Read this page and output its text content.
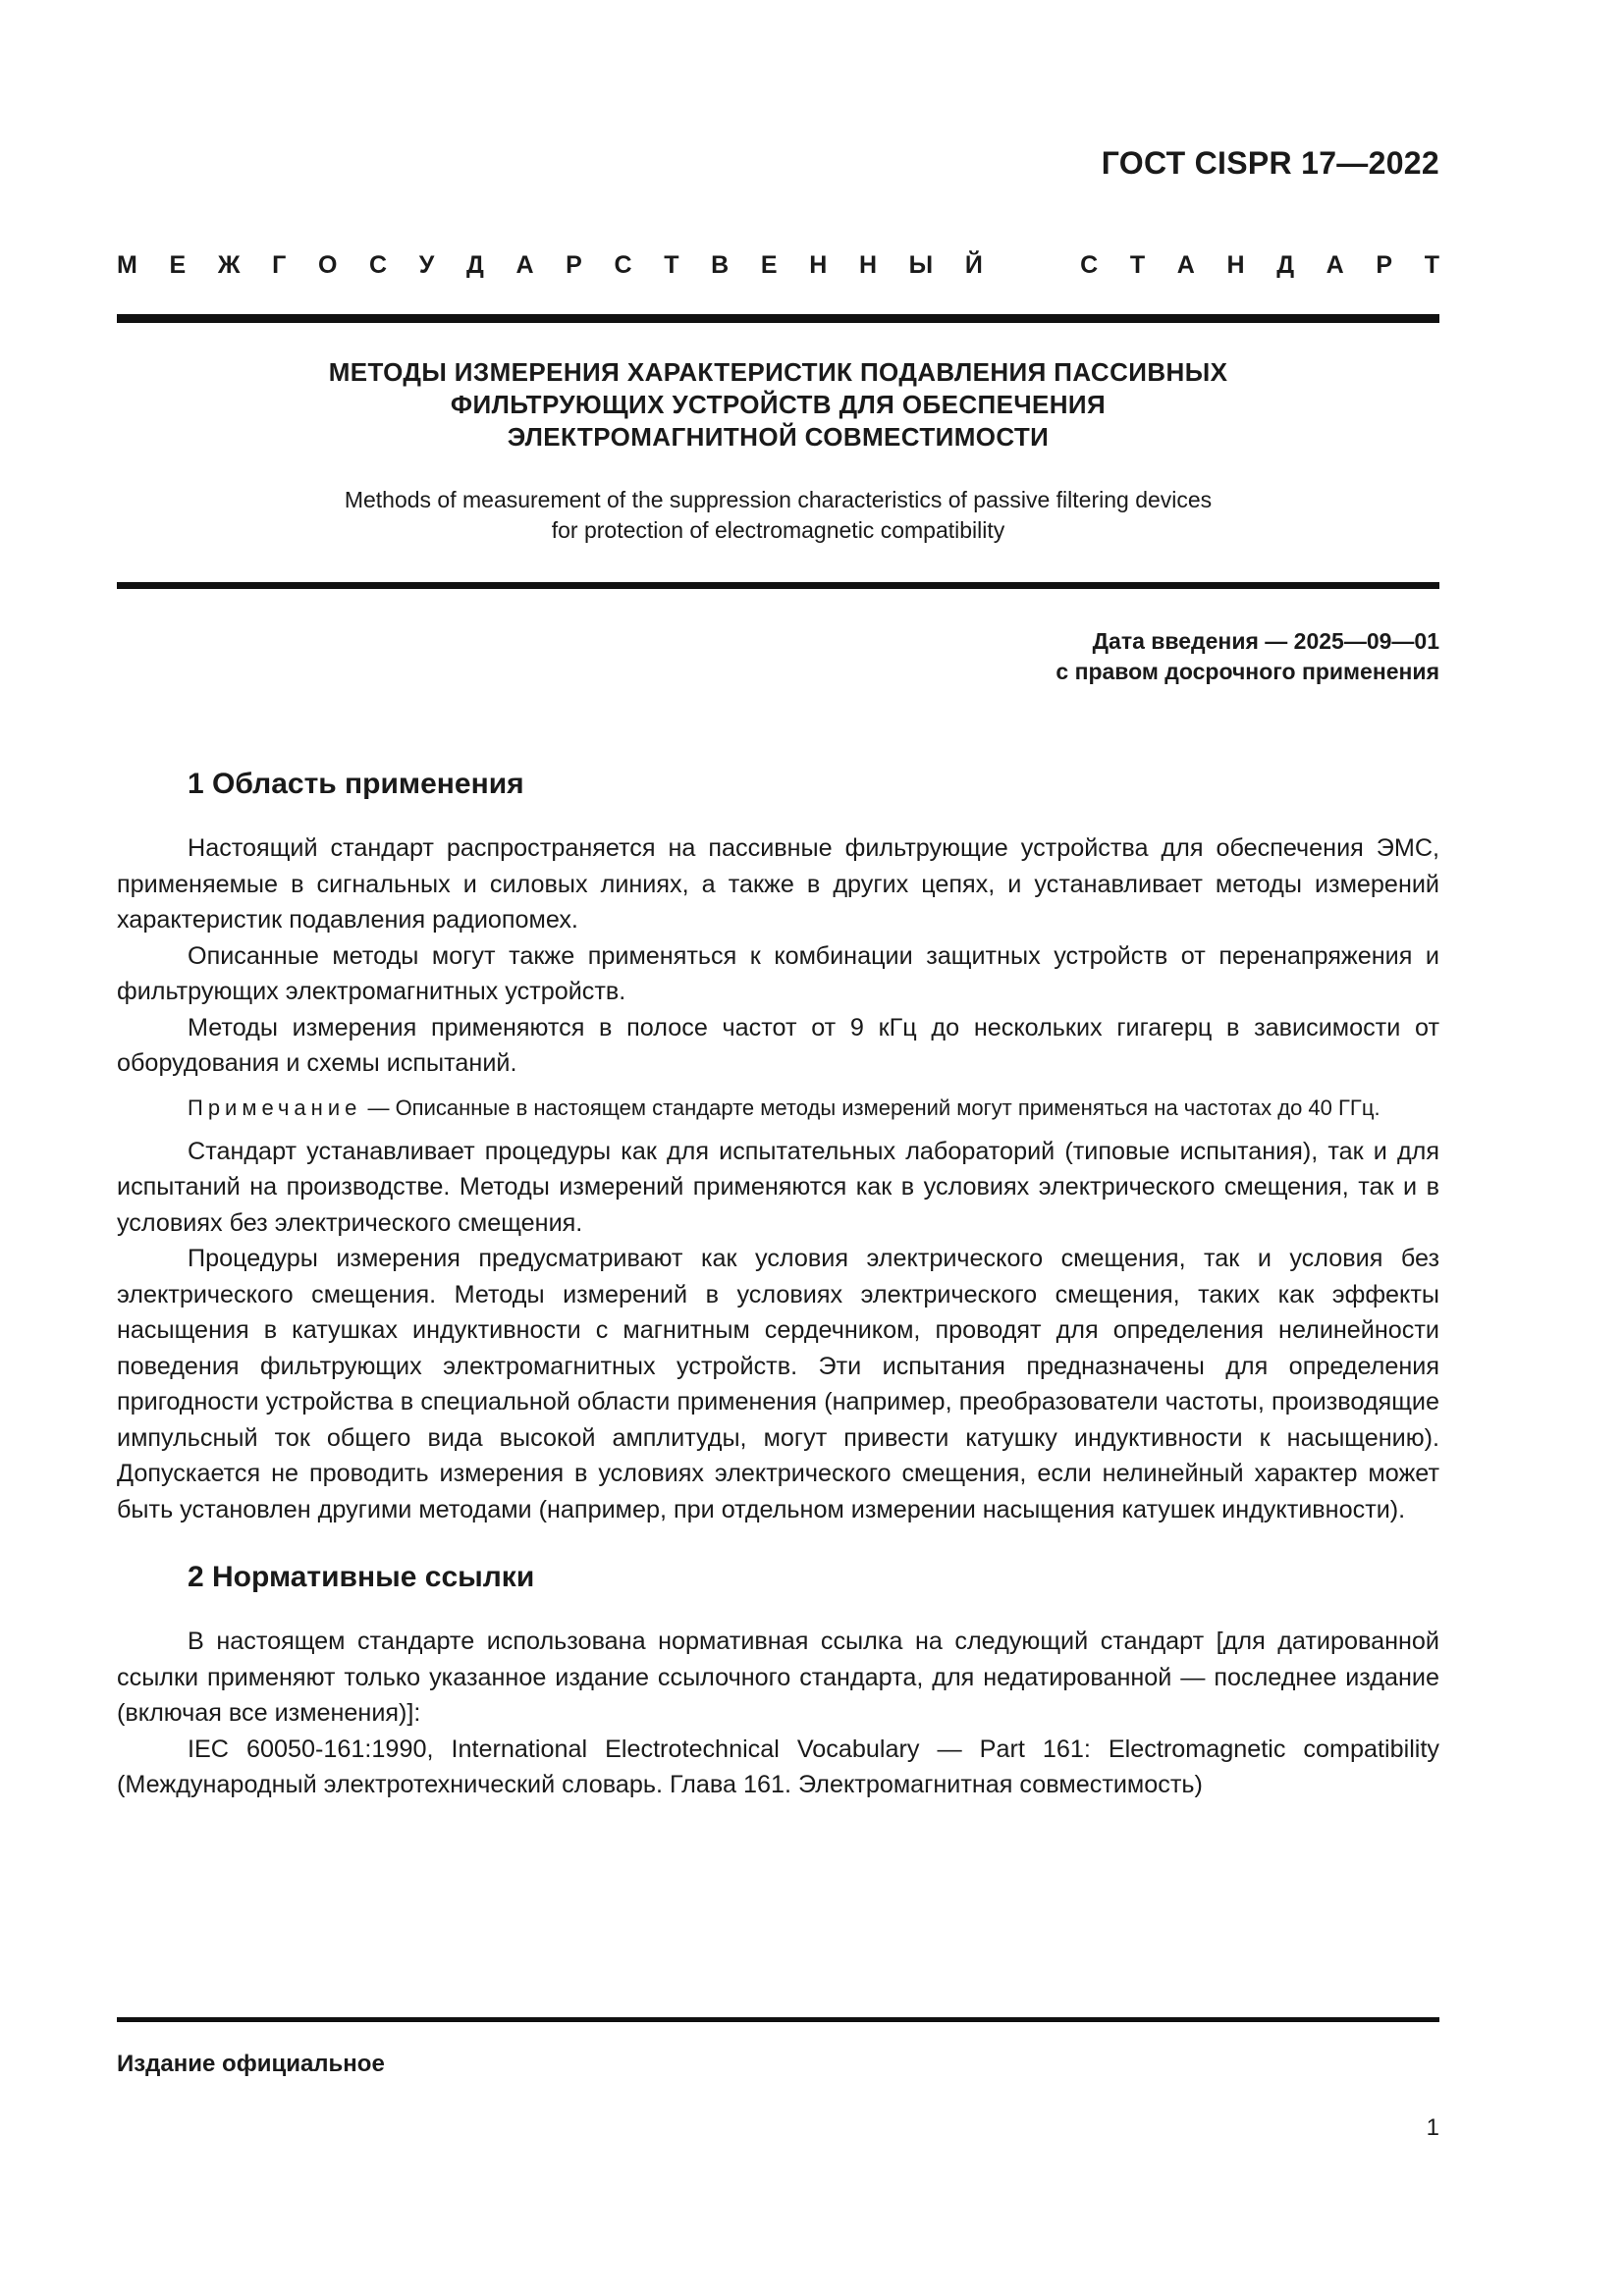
ГОСТ CISPR 17—2022
М Е Ж Г О С У Д А Р С Т В Е Н Н Ы Й	С Т А Н Д А Р Т
МЕТОДЫ ИЗМЕРЕНИЯ ХАРАКТЕРИСТИК ПОДАВЛЕНИЯ ПАССИВНЫХ
ФИЛЬТРУЮЩИХ УСТРОЙСТВ ДЛЯ ОБЕСПЕЧЕНИЯ
ЭЛЕКТРОМАГНИТНОЙ СОВМЕСТИМОСТИ
Methods of measurement of the suppression characteristics of passive filtering devices
for protection of electromagnetic compatibility
Дата введения — 2025—09—01
с правом досрочного применения
1 Область применения

Настоящий стандарт распространяется на пассивные фильтрующие устройства для обеспечения ЭМС, применяемые в сигнальных и силовых линиях, а также в других цепях, и устанавливает методы измерений характеристик подавления радиопомех.

Описанные методы могут также применяться к комбинации защитных устройств от перенапряжения и фильтрующих электромагнитных устройств.

Методы измерения применяются в полосе частот от 9 кГц до нескольких гигагерц в зависимости от оборудования и схемы испытаний.

Примечание — Описанные в настоящем стандарте методы измерений могут применяться на частотах до 40 ГГц.

Стандарт устанавливает процедуры как для испытательных лабораторий (типовые испытания), так и для испытаний на производстве. Методы измерений применяются как в условиях электрического смещения, так и в условиях без электрического смещения.

Процедуры измерения предусматривают как условия электрического смещения, так и условия без электрического смещения. Методы измерений в условиях электрического смещения, таких как эффекты насыщения в катушках индуктивности с магнитным сердечником, проводят для определения нелинейности поведения фильтрующих электромагнитных устройств. Эти испытания предназначены для определения пригодности устройства в специальной области применения (например, преобразователи частоты, производящие импульсный ток общего вида высокой амплитуды, могут привести катушку индуктивности к насыщению). Допускается не проводить измерения в условиях электрического смещения, если нелинейный характер может быть установлен другими методами (например, при отдельном измерении насыщения катушек индуктивности).

2 Нормативные ссылки

В настоящем стандарте использована нормативная ссылка на следующий стандарт [для датированной ссылки применяют только указанное издание ссылочного стандарта, для недатированной — последнее издание (включая все изменения)]:

IEC 60050-161:1990, International Electrotechnical Vocabulary — Part 161: Electromagnetic compatibility (Международный электротехнический словарь. Глава 161. Электромагнитная совместимость)

Издание официальное
1
